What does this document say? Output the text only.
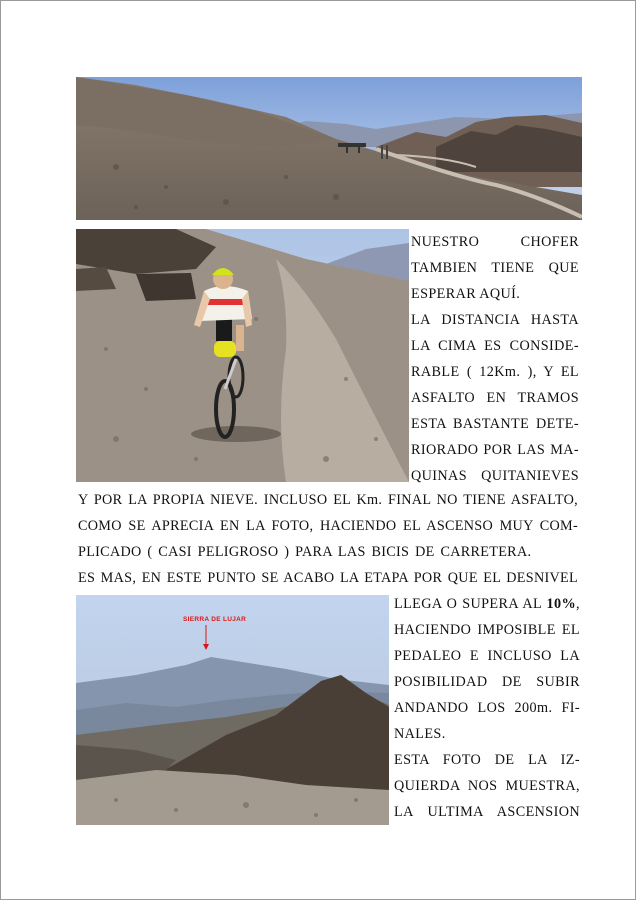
NUESTRO CHOFER
TAMBIEN TIENE QUE
ESPERAR AQUÍ.
LA DISTANCIA HASTA
LA CIMA ES CONSIDE-
RABLE ( 12Km. ), Y EL
ASFALTO EN TRAMOS
ESTA BASTANTE DETE-
RIORADO POR LAS MA-
QUINAS QUITANIEVES
Y POR LA PROPIA NIEVE. INCLUSO EL Km. FINAL NO TIENE ASFALTO,
COMO SE APRECIA EN LA FOTO, HACIENDO EL ASCENSO MUY COM-
PLICADO ( CASI PELIGROSO ) PARA LAS BICIS DE CARRETERA.
ES MAS, EN ESTE PUNTO SE ACABO LA ETAPA POR QUE EL DESNIVEL
SIERRA DE LUJAR
LLEGA O SUPERA AL 10%,
HACIENDO IMPOSIBLE EL
PEDALEO E INCLUSO LA
POSIBILIDAD DE SUBIR
ANDANDO LOS 200m. FI-
NALES.
ESTA FOTO DE LA IZ-
QUIERDA NOS MUESTRA,
LA ULTIMA ASCENSION
